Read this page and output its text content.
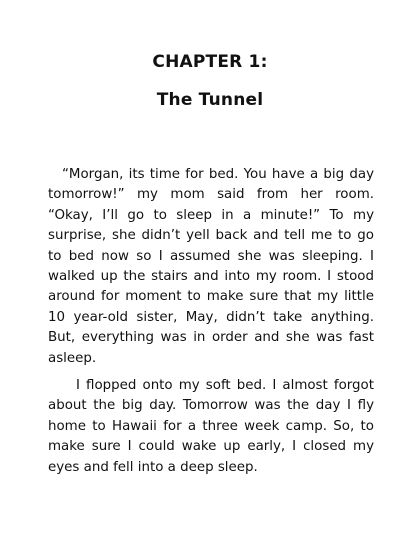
CHAPTER 1:
The Tunnel

“Morgan, its time for bed. You have a big day tomorrow!” my mom said from her room. “Okay, I’ll go to sleep in a minute!” To my surprise, she didn’t yell back and tell me to go to bed now so I assumed she was sleeping. I walked up the stairs and into my room. I stood around for moment to make sure that my little 10 year-old sister, May, didn’t take anything. But, everything was in order and she was fast asleep.

I flopped onto my soft bed. I almost forgot about the big day. Tomorrow was the day I fly home to Hawaii for a three week camp. So, to make sure I could wake up early, I closed my eyes and fell into a deep sleep.
